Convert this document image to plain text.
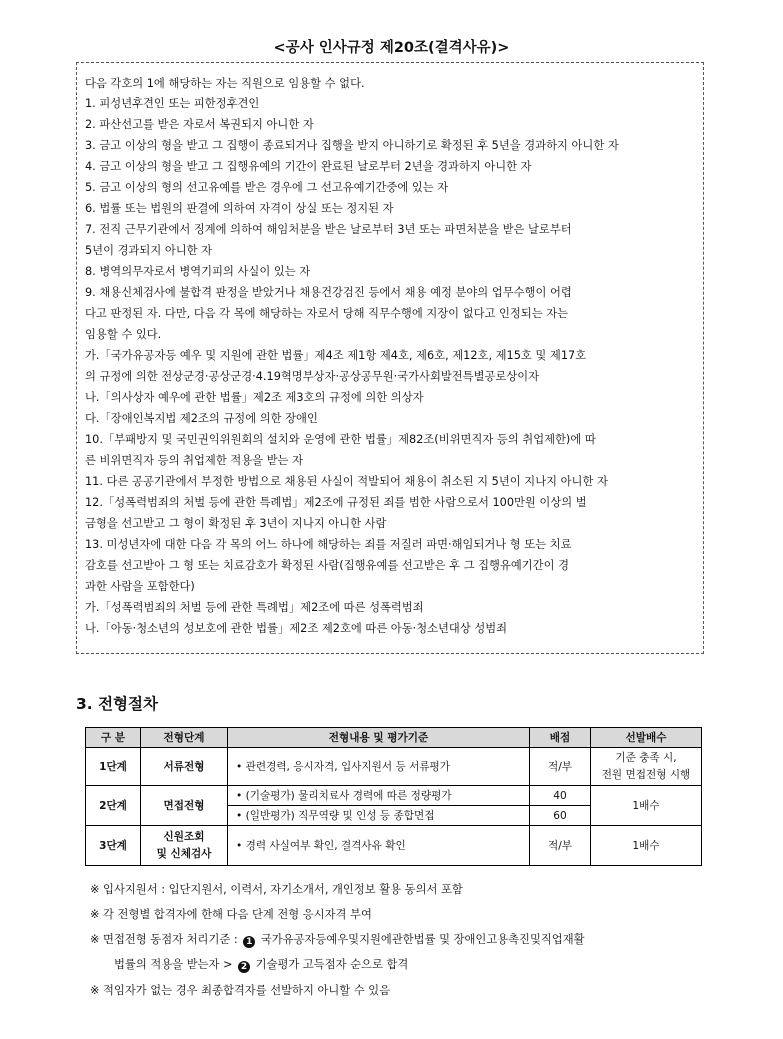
<공사 인사규정 제20조(결격사유)>

다음 각호의 1에 해당하는 자는 직원으로 임용할 수 없다.

1. 피성년후견인 또는 피한정후견인

2. 파산선고를 받은 자로서 복권되지 아니한 자

3. 금고 이상의 형을 받고 그 집행이 종료되거나 집행을 받지 아니하기로 확정된 후 5년을 경과하지 아니한 자

4. 금고 이상의 형을 받고 그 집행유예의 기간이 완료된 날로부터 2년을 경과하지 아니한 자

5. 금고 이상의 형의 선고유예를 받은 경우에 그 선고유예기간중에 있는 자

6. 법률 또는 법원의 판결에 의하여 자격이 상실 또는 정지된 자

7. 전직 근무기관에서 징계에 의하여 해임처분을 받은 날로부터 3년 또는 파면처분을 받은 날로부터

5년이 경과되지 아니한 자

8. 병역의무자로서 병역기피의 사실이 있는 자

9. 채용신체검사에 불합격 판정을 받았거나 채용건강검진 등에서 채용 예정 분야의 업무수행이 어렵

다고 판정된 자. 다만, 다음 각 목에 해당하는 자로서 당해 직무수행에 지장이 없다고 인정되는 자는

임용할 수 있다.

가.「국가유공자등 예우 및 지원에 관한 법률」제4조 제1항 제4호, 제6호, 제12호, 제15호 및 제17호

의 규정에 의한 전상군경·공상군경·4.19혁명부상자·공상공무원·국가사회발전특별공로상이자

나.「의사상자 예우에 관한 법률」제2조 제3호의 규정에 의한 의상자

다.「장애인복지법 제2조의 규정에 의한 장애인

10.「부패방지 및 국민권익위원회의 설치와 운영에 관한 법률」제82조(비위면직자 등의 취업제한)에 따

른 비위면직자 등의 취업제한 적용을 받는 자

11. 다른 공공기관에서 부정한 방법으로 채용된 사실이 적발되어 채용이 취소된 지 5년이 지나지 아니한 자

12.「성폭력범죄의 처벌 등에 관한 특례법」제2조에 규정된 죄를 범한 사람으로서 100만원 이상의 벌

금형을 선고받고 그 형이 확정된 후 3년이 지나지 아니한 사람

13. 미성년자에 대한 다음 각 목의 어느 하나에 해당하는 죄를 저질러 파면·해임되거나 형 또는 치료

감호를 선고받아 그 형 또는 치료감호가 확정된 사람(집행유예를 선고받은 후 그 집행유예기간이 경

과한 사람을 포함한다)

가.「성폭력범죄의 처벌 등에 관한 특례법」제2조에 따른 성폭력범죄

나.「아동·청소년의 성보호에 관한 법률」제2조 제2호에 따른 아동·청소년대상 성범죄

3. 전형절차
구 분	전형단계	전형내용 및 평가기준	배점	선발배수
1단계	서류전형	• 관련경력, 응시자격, 입사지원서 등 서류평가	적/부	기준 충족 시,
전원 면접전형 시행

2단계	면접전형	• (기술평가) 물리치료사 경력에 따른 정량평가	40	1배수
		• (일반평가) 직무역량 및 인성 등 종합면접	60	
3단계	신원조회
및 신체검사	• 경력 사실여부 확인, 결격사유 확인	적/부	1배수
※ 입사지원서 : 입단지원서, 이력서, 자기소개서, 개인정보 활용 동의서 포함
※ 각 전형별 합격자에 한해 다음 단계 전형 응시자격 부여
※ 면접전형 동점자 처리기준 : 1 국가유공자등예우및지원에관한법률 및 장애인고용촉진및직업재활
법률의 적용을 받는자 > 2 기술평가 고득점자 순으로 합격
※ 적임자가 없는 경우 최종합격자를 선발하지 아니할 수 있음
